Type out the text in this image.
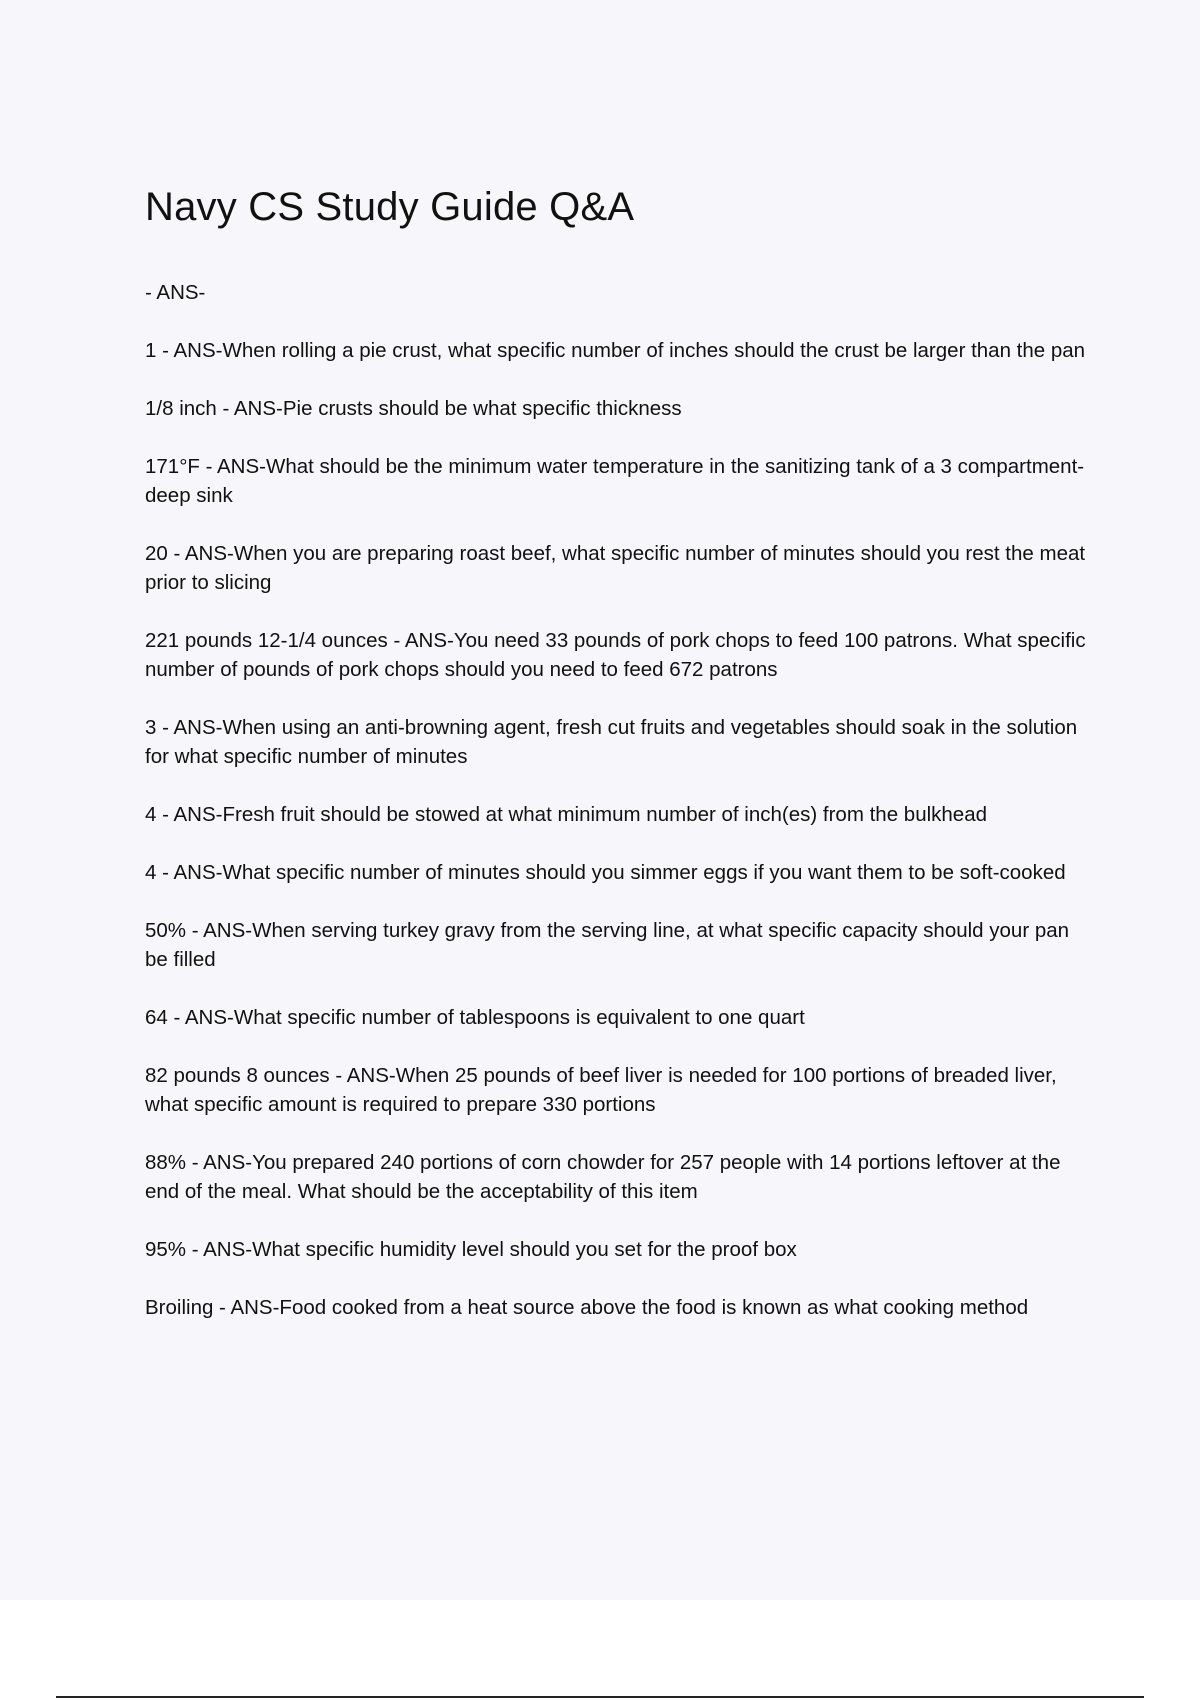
Navy CS Study Guide Q&A
- ANS-
1 - ANS-When rolling a pie crust, what specific number of inches should the crust be larger than the pan
1/8 inch - ANS-Pie crusts should be what specific thickness
171°F - ANS-What should be the minimum water temperature in the sanitizing tank of a 3 compartment-deep sink
20 - ANS-When you are preparing roast beef, what specific number of minutes should you rest the meat prior to slicing
221 pounds 12-1/4 ounces - ANS-You need 33 pounds of pork chops to feed 100 patrons. What specific number of pounds of pork chops should you need to feed 672 patrons
3 - ANS-When using an anti-browning agent, fresh cut fruits and vegetables should soak in the solution for what specific number of minutes
4 - ANS-Fresh fruit should be stowed at what minimum number of inch(es) from the bulkhead
4 - ANS-What specific number of minutes should you simmer eggs if you want them to be soft-cooked
50% - ANS-When serving turkey gravy from the serving line, at what specific capacity should your pan be filled
64 - ANS-What specific number of tablespoons is equivalent to one quart
82 pounds 8 ounces - ANS-When 25 pounds of beef liver is needed for 100 portions of breaded liver, what specific amount is required to prepare 330 portions
88% - ANS-You prepared 240 portions of corn chowder for 257 people with 14 portions leftover at the end of the meal. What should be the acceptability of this item
95% - ANS-What specific humidity level should you set for the proof box
Broiling - ANS-Food cooked from a heat source above the food is known as what cooking method
